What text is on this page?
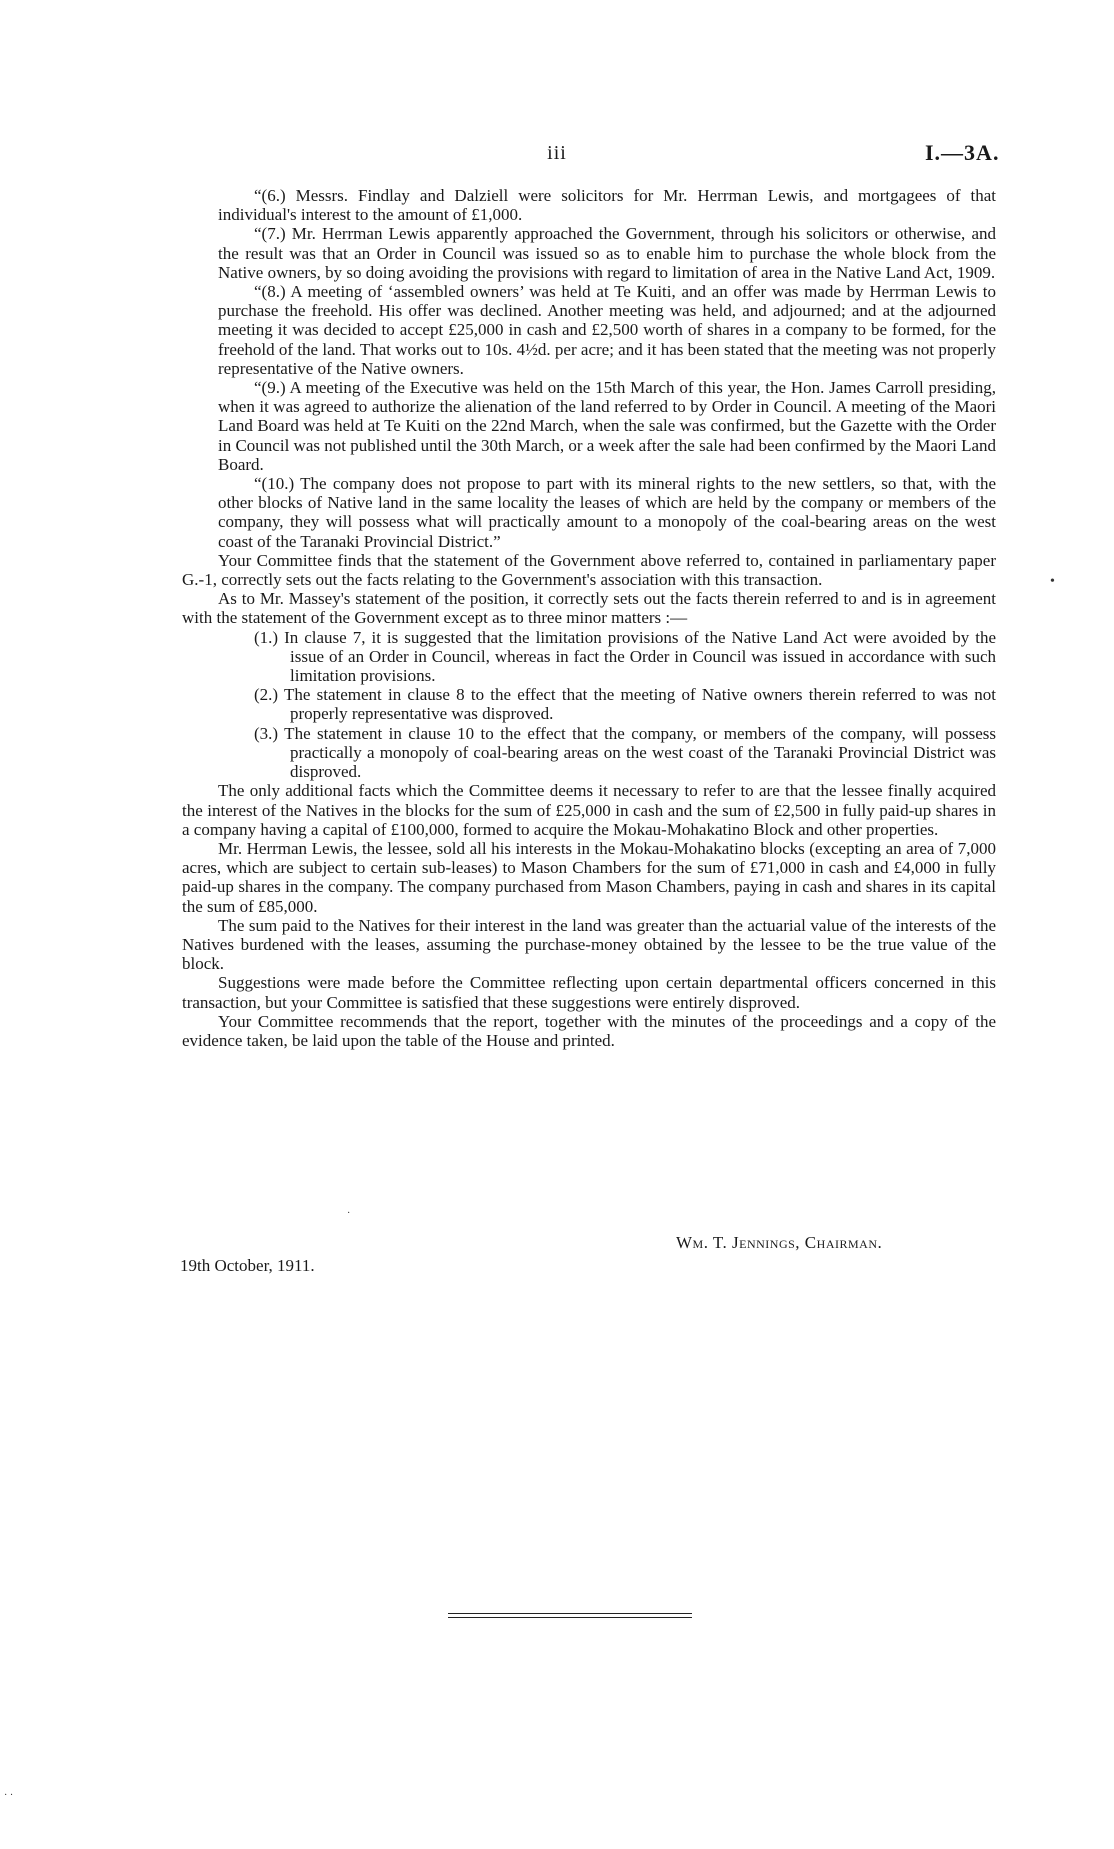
iii	I.—3A.

“(6.) Messrs. Findlay and Dalziell were solicitors for Mr. Herrman Lewis, and mortgagees of that individual's interest to the amount of £1,000.

“(7.) Mr. Herrman Lewis apparently approached the Government, through his solicitors or otherwise, and the result was that an Order in Council was issued so as to enable him to purchase the whole block from the Native owners, by so doing avoiding the provisions with regard to limitation of area in the Native Land Act, 1909.

“(8.) A meeting of ‘assembled owners’ was held at Te Kuiti, and an offer was made by Herrman Lewis to purchase the freehold. His offer was declined. Another meeting was held, and adjourned; and at the adjourned meeting it was decided to accept £25,000 in cash and £2,500 worth of shares in a company to be formed, for the freehold of the land. That works out to 10s. 4½d. per acre; and it has been stated that the meeting was not properly representative of the Native owners.

“(9.) A meeting of the Executive was held on the 15th March of this year, the Hon. James Carroll presiding, when it was agreed to authorize the alienation of the land referred to by Order in Council. A meeting of the Maori Land Board was held at Te Kuiti on the 22nd March, when the sale was confirmed, but the Gazette with the Order in Council was not published until the 30th March, or a week after the sale had been confirmed by the Maori Land Board.

“(10.) The company does not propose to part with its mineral rights to the new settlers, so that, with the other blocks of Native land in the same locality the leases of which are held by the company or members of the company, they will possess what will practically amount to a monopoly of the coal-bearing areas on the west coast of the Taranaki Provincial District.”

Your Committee finds that the statement of the Government above referred to, contained in parliamentary paper G.-1, correctly sets out the facts relating to the Government's association with this transaction.

As to Mr. Massey's statement of the position, it correctly sets out the facts therein referred to and is in agreement with the statement of the Government except as to three minor matters :—

(1.) In clause 7, it is suggested that the limitation provisions of the Native Land Act were avoided by the issue of an Order in Council, whereas in fact the Order in Council was issued in accordance with such limitation provisions.

(2.) The statement in clause 8 to the effect that the meeting of Native owners therein referred to was not properly representative was disproved.

(3.) The statement in clause 10 to the effect that the company, or members of the company, will possess practically a monopoly of coal-bearing areas on the west coast of the Taranaki Provincial District was disproved.

The only additional facts which the Committee deems it necessary to refer to are that the lessee finally acquired the interest of the Natives in the blocks for the sum of £25,000 in cash and the sum of £2,500 in fully paid-up shares in a company having a capital of £100,000, formed to acquire the Mokau-Mohakatino Block and other properties.

Mr. Herrman Lewis, the lessee, sold all his interests in the Mokau-Mohakatino blocks (excepting an area of 7,000 acres, which are subject to certain sub-leases) to Mason Chambers for the sum of £71,000 in cash and £4,000 in fully paid-up shares in the company. The company purchased from Mason Chambers, paying in cash and shares in its capital the sum of £85,000.

The sum paid to the Natives for their interest in the land was greater than the actuarial value of the interests of the Natives burdened with the leases, assuming the purchase-money obtained by the lessee to be the true value of the block.

Suggestions were made before the Committee reflecting upon certain departmental officers concerned in this transaction, but your Committee is satisfied that these suggestions were entirely disproved.

Your Committee recommends that the report, together with the minutes of the proceedings and a copy of the evidence taken, be laid upon the table of the House and printed.

Wm. T. Jennings, Chairman.
19th October, 1911.
•
·
· ·
